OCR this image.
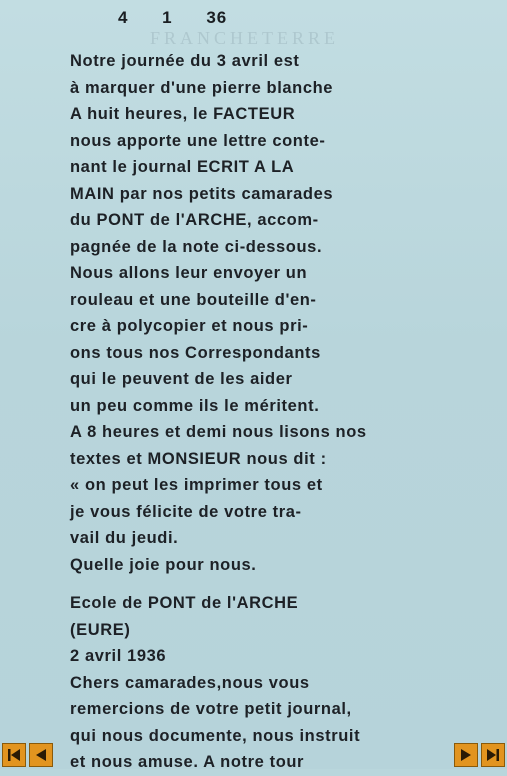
FRANCHETERRE
4 1 36
Notre journée du 3 avril est
à marquer d'une pierre blanche
A huit heures, le FACTEUR
nous apporte une lettre conte-
nant le journal ECRIT A LA
MAIN par nos petits camarades
du PONT de l'ARCHE, accom-
pagnée de la note ci-dessous.
Nous allons leur envoyer un
rouleau et une bouteille d'en-
cre à polycopier et nous pri-
ons tous nos Correspondants
qui le peuvent de les aider
un peu comme ils le méritent.
A 8 heures et demi nous lisons nos
textes et MONSIEUR nous dit :
« on peut les imprimer tous et
je vous félicite de votre tra-
vail du jeudi.
Quelle joie pour nous.
Ecole de PONT de l'ARCHE
(EURE)
2 avril 1936
Chers camarades,nous vous
remercions de votre petit journal,
qui nous documente, nous instruit
et nous amuse. A notre tour
